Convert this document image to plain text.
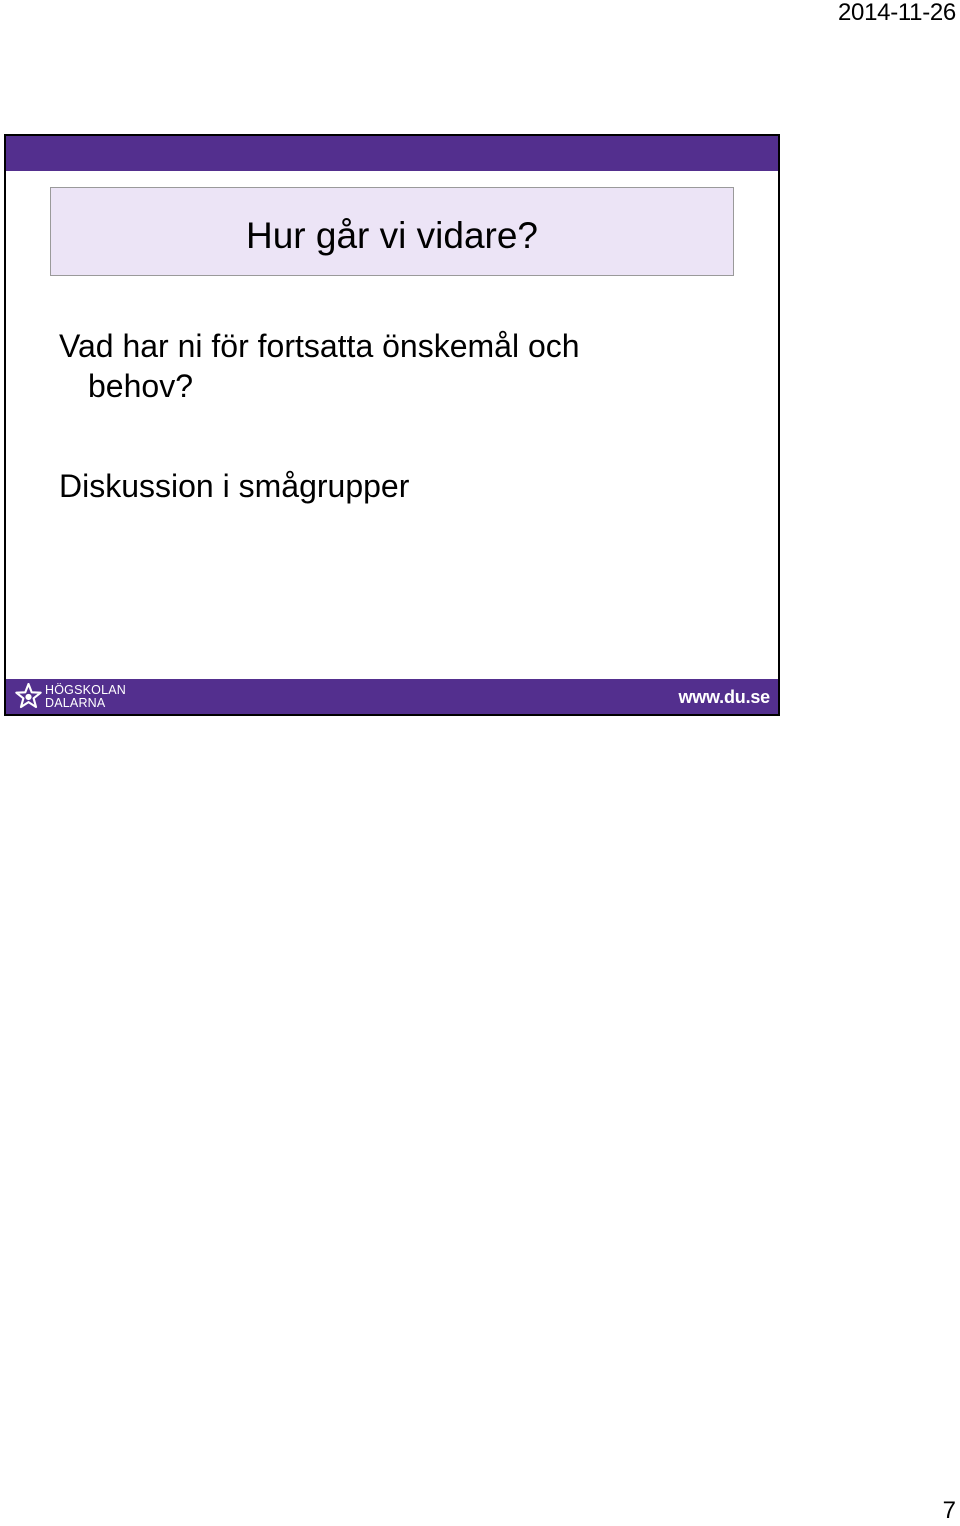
2014-11-26
Hur går vi vidare?

Vad har ni för fortsatta önskemål och
behov?

Diskussion i smågrupper

HÖGSKOLAN
DALARNA	www.du.se
7
